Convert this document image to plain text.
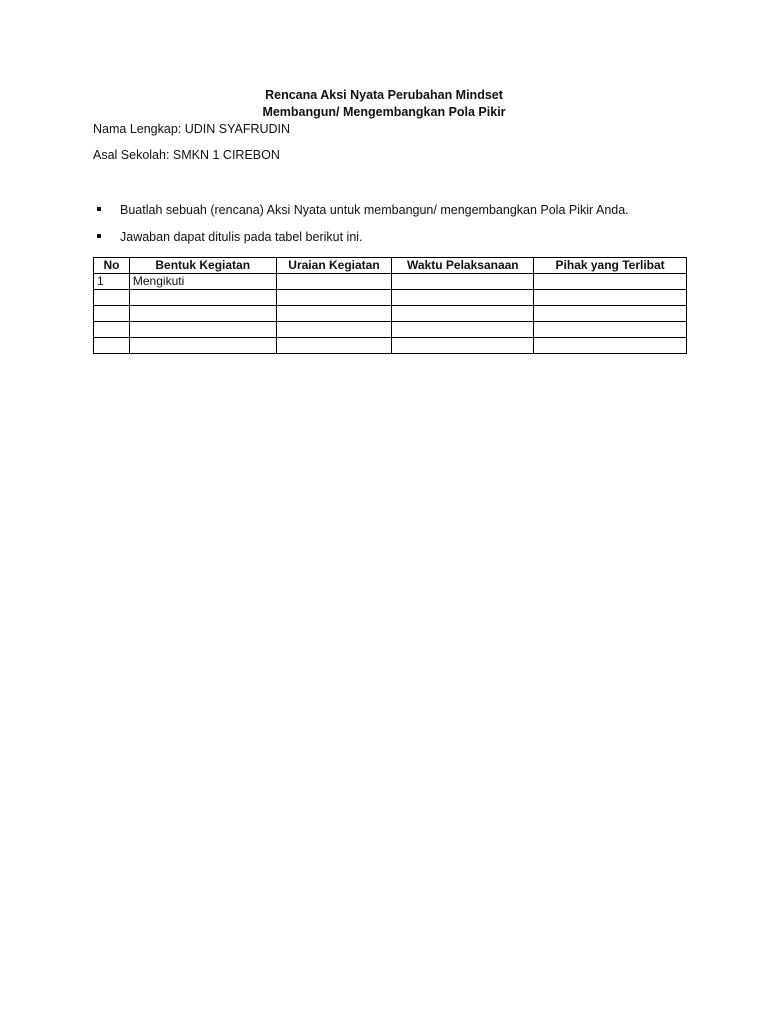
Rencana Aksi Nyata Perubahan Mindset
Membangun/ Mengembangkan Pola Pikir
Nama Lengkap: UDIN SYAFRUDIN
Asal Sekolah: SMKN 1 CIREBON
Buatlah sebuah (rencana) Aksi Nyata untuk membangun/ mengembangkan Pola Pikir Anda.
Jawaban dapat ditulis pada tabel berikut ini.
No	Bentuk Kegiatan	Uraian Kegiatan	Waktu Pelaksanaan	Pihak yang Terlibat
1	Mengikuti			
